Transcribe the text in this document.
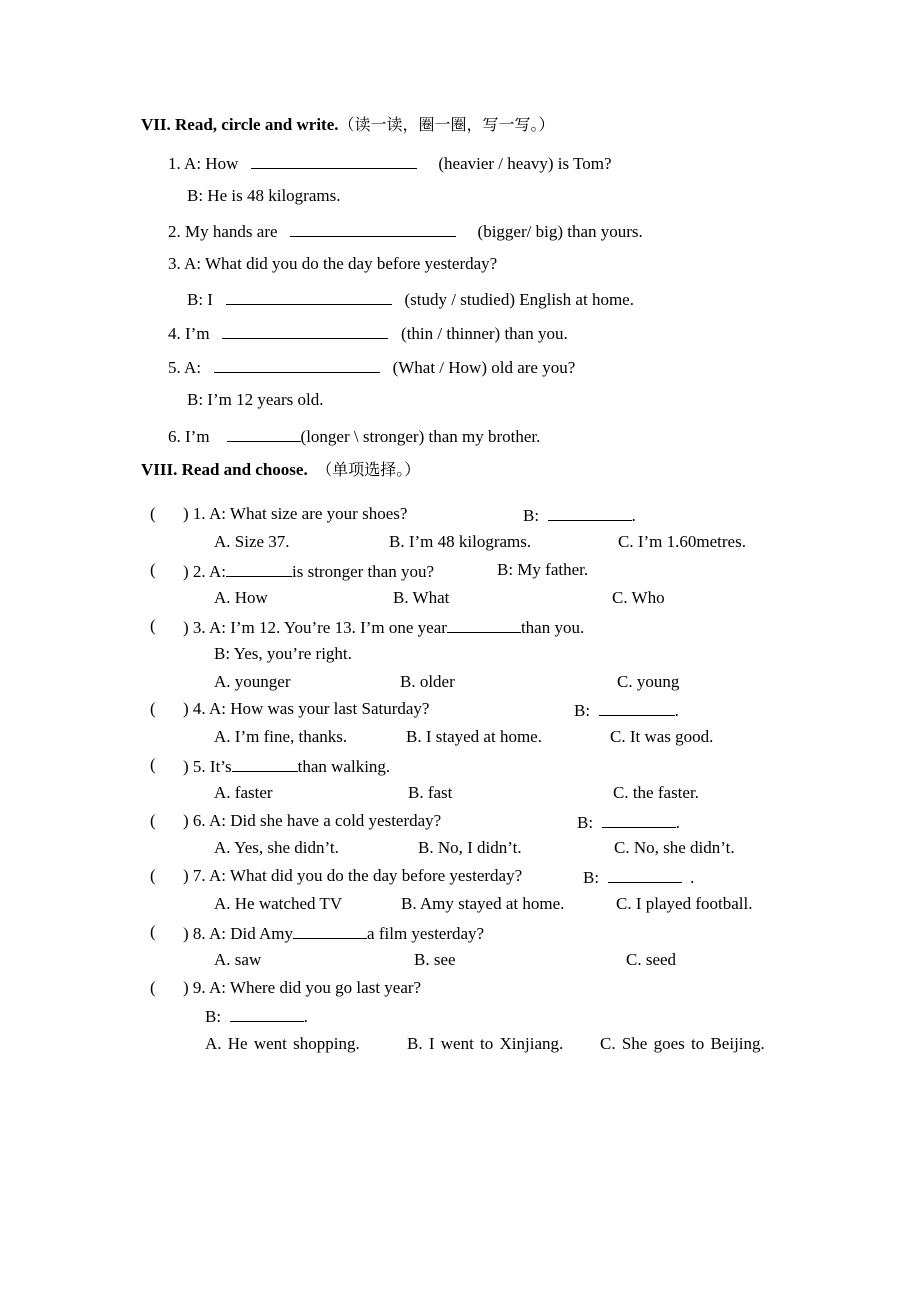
VII. Read, circle and write.（读一读，圈一圈，写一写。）
1. A: How	(heavier / heavy) is Tom?
B: He is 48 kilograms.
2. My hands are	(bigger/ big) than yours.
3. A: What did you do the day before yesterday?
B: I	(study / studied) English at home.
4. I’m	(thin / thinner) than you.
5. A:	(What / How) old are you?
B: I’m 12 years old.
6. I’m	(longer \ stronger) than my brother.
VIII. Read and choose. （单项选择。）
( ) 1. A: What size are your shoes?	B:	.
A. Size 37.	B. I’m 48 kilograms.	C. I’m 1.60metres.
( ) 2. A:	is stronger than you?	B: My father.
A. How	B. What	C. Who
( ) 3. A: I’m 12. You’re 13. I’m one year	than you.
B: Yes, you’re right.
A. younger	B. older	C. young
( ) 4. A: How was your last Saturday?	B:	.
A. I’m fine, thanks.	B. I stayed at home.	C. It was good.
( ) 5. It’s	than walking.
A. faster	B. fast	C. the faster.
( ) 6. A: Did she have a cold yesterday?	B:	.
A. Yes, she didn’t.	B. No, I didn’t.	C. No, she didn’t.
( ) 7. A: What did you do the day before yesterday?	B:	.
A. He watched TV	B. Amy stayed at home.	C. I played football.
( ) 8. A: Did Amy	a film yesterday?
A. saw	B. see	C. seed
( ) 9. A: Where did you go last year?
B:	.
A. He went shopping.	B. I went to Xinjiang. C. She goes to Beijing.
